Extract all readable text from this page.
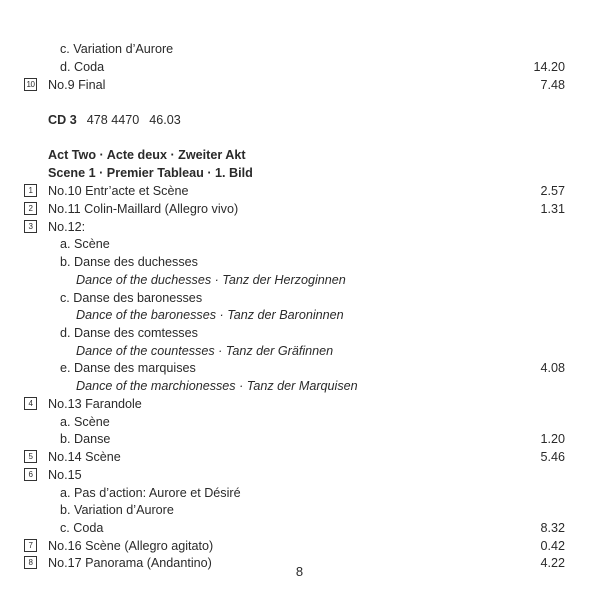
c. Variation d’Aurore
d. Coda	14.20
10 No.9 Final	7.48
CD 3 478 4470 46.03
Act Two · Acte deux · Zweiter Akt
Scene 1 · Premier Tableau · 1. Bild
1	No.10 Entr’acte et Scène	2.57
2	No.11 Colin-Maillard (Allegro vivo)	1.31
3	No.12:
a. Scène
b. Danse des duchesses
Dance of the duchesses · Tanz der Herzoginnen
c. Danse des baronesses
Dance of the baronesses · Tanz der Baroninnen
d. Danse des comtesses
Dance of the countesses · Tanz der Gräfinnen
e. Danse des marquises	4.08
Dance of the marchionesses · Tanz der Marquisen
4	No.13 Farandole
a. Scène
b. Danse	1.20
5	No.14 Scène	5.46
6	No.15
a. Pas d’action: Aurore et Désiré
b. Variation d’Aurore
c. Coda	8.32
7	No.16 Scène (Allegro agitato)	0.42
8	No.17 Panorama (Andantino)	4.22
8
